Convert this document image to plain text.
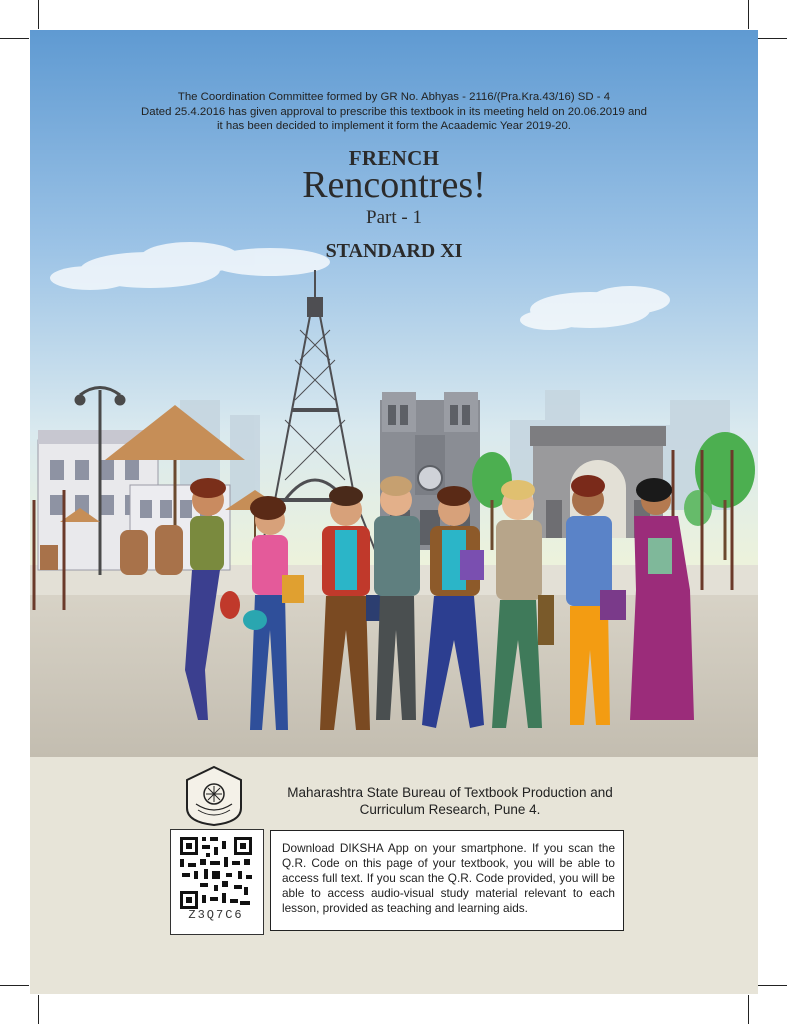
The Coordination Committee formed by GR No. Abhyas - 2116/(Pra.Kra.43/16) SD - 4
Dated 25.4.2016 has given approval to prescribe this textbook in its meeting held on 20.06.2019 and
it has been decided to implement it form the Acaademic Year 2019-20.
FRENCH
Rencontres!
Part - 1
STANDARD XI
Maharashtra State Bureau of Textbook Production and
Curriculum Research, Pune 4.
Z3Q7C6
Download DIKSHA App on your smartphone. If you scan the Q.R. Code on this page of your textbook, you will be able to access full text. If you scan the Q.R. Code provided, you will be able to access audio-visual study material relevant to each lesson, provided as teaching and learning aids.
